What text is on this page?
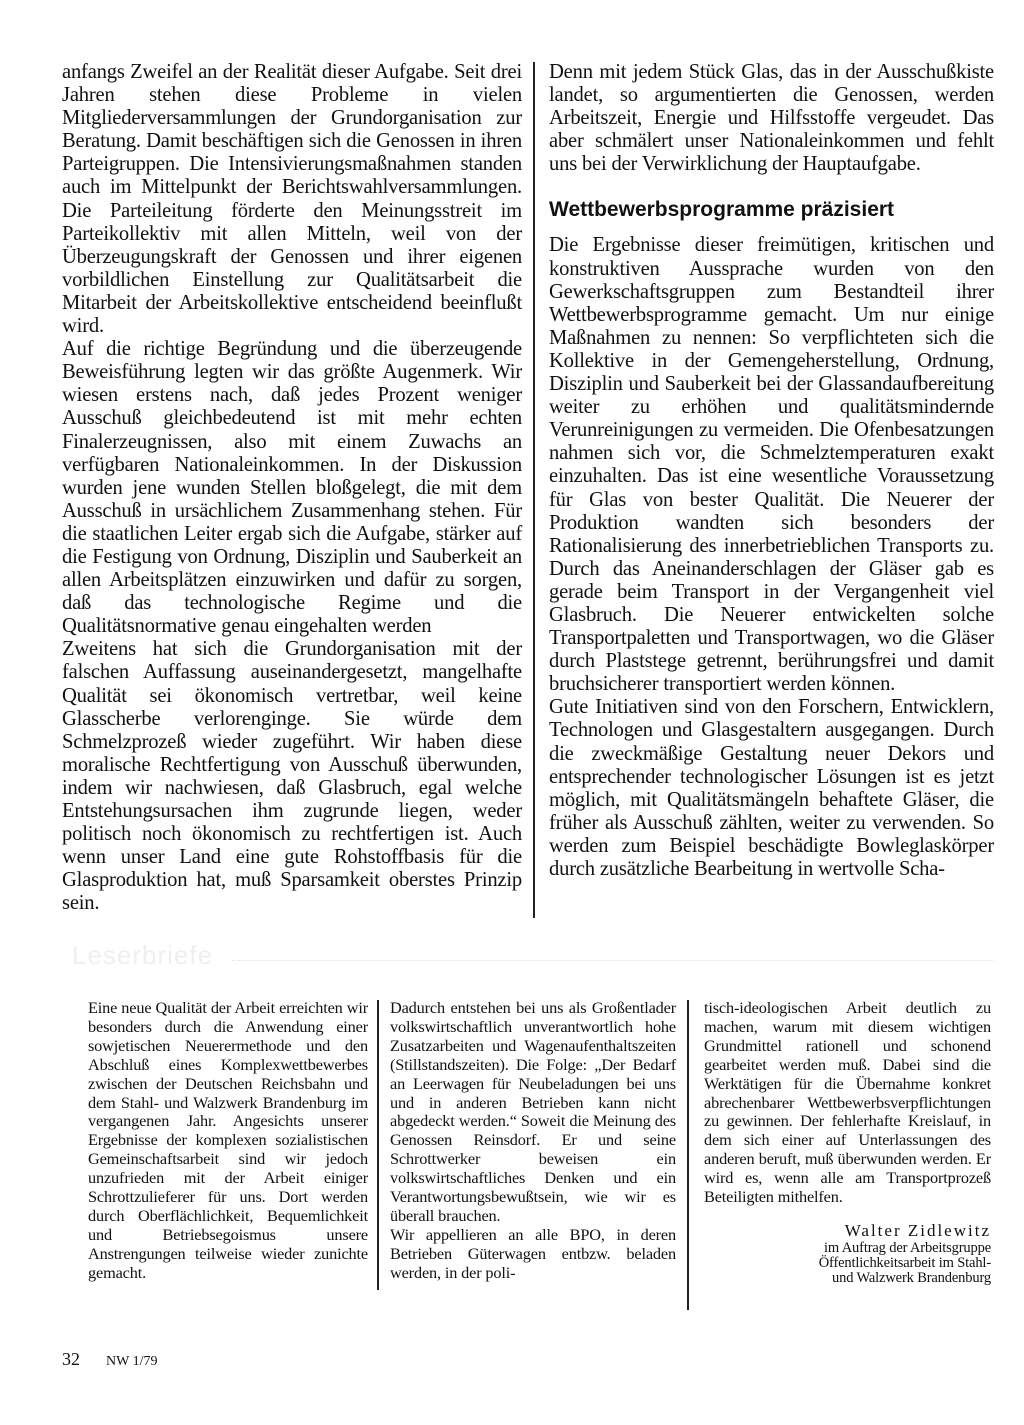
anfangs Zweifel an der Realität dieser Aufgabe. Seit drei Jahren stehen diese Probleme in vielen Mitgliederversammlungen der Grundorganisation zur Beratung. Damit beschäftigen sich die Genossen in ihren Parteigruppen. Die Intensivierungsmaßnahmen standen auch im Mittelpunkt der Berichtswahlversammlungen. Die Parteileitung förderte den Meinungsstreit im Parteikollektiv mit allen Mitteln, weil von der Überzeugungskraft der Genossen und ihrer eigenen vorbildlichen Einstellung zur Qualitätsarbeit die Mitarbeit der Arbeitskollektive entscheidend beeinflußt wird.

Auf die richtige Begründung und die überzeugende Beweisführung legten wir das größte Augenmerk. Wir wiesen erstens nach, daß jedes Prozent weniger Ausschuß gleichbedeutend ist mit mehr echten Finalerzeugnissen, also mit einem Zuwachs an verfügbaren Nationaleinkommen. In der Diskussion wurden jene wunden Stellen bloßgelegt, die mit dem Ausschuß in ursächlichem Zusammenhang stehen. Für die staatlichen Leiter ergab sich die Aufgabe, stärker auf die Festigung von Ordnung, Disziplin und Sauberkeit an allen Arbeitsplätzen einzuwirken und dafür zu sorgen, daß das technologische Regime und die Qualitätsnormative genau eingehalten werden

Zweitens hat sich die Grundorganisation mit der falschen Auffassung auseinandergesetzt, mangelhafte Qualität sei ökonomisch vertretbar, weil keine Glasscherbe verlorenginge. Sie würde dem Schmelzprozeß wieder zugeführt. Wir haben diese moralische Rechtfertigung von Ausschuß überwunden, indem wir nachwiesen, daß Glasbruch, egal welche Entstehungsursachen ihm zugrunde liegen, weder politisch noch ökonomisch zu rechtfertigen ist. Auch wenn unser Land eine gute Rohstoffbasis für die Glasproduktion hat, muß Sparsamkeit oberstes Prinzip sein.

Denn mit jedem Stück Glas, das in der Ausschußkiste landet, so argumentierten die Genossen, werden Arbeitszeit, Energie und Hilfsstoffe vergeudet. Das aber schmälert unser Nationaleinkommen und fehlt uns bei der Verwirklichung der Hauptaufgabe.

Wettbewerbsprogramme präzisiert

Die Ergebnisse dieser freimütigen, kritischen und konstruktiven Aussprache wurden von den Gewerkschaftsgruppen zum Bestandteil ihrer Wettbewerbsprogramme gemacht. Um nur einige Maßnahmen zu nennen: So verpflichteten sich die Kollektive in der Gemengeherstellung, Ordnung, Disziplin und Sauberkeit bei der Glassandaufbereitung weiter zu erhöhen und qualitätsmindernde Verunreinigungen zu vermeiden. Die Ofenbesatzungen nahmen sich vor, die Schmelztemperaturen exakt einzuhalten. Das ist eine wesentliche Voraussetzung für Glas von bester Qualität. Die Neuerer der Produktion wandten sich besonders der Rationalisierung des innerbetrieblichen Transports zu. Durch das Aneinanderschlagen der Gläser gab es gerade beim Transport in der Vergangenheit viel Glasbruch. Die Neuerer entwickelten solche Transportpaletten und Transportwagen, wo die Gläser durch Plaststege getrennt, berührungsfrei und damit bruchsicherer transportiert werden können.

Gute Initiativen sind von den Forschern, Entwicklern, Technologen und Glasgestaltern ausgegangen. Durch die zweckmäßige Gestaltung neuer Dekors und entsprechender technologischer Lösungen ist es jetzt möglich, mit Qualitätsmängeln behaftete Gläser, die früher als Ausschuß zählten, weiter zu verwenden. So werden zum Beispiel beschädigte Bowleglaskörper durch zusätzliche Bearbeitung in wertvolle Scha-

Leserbriefe

Eine neue Qualität der Arbeit erreichten wir besonders durch die Anwendung einer sowjetischen Neuerermethode und den Abschluß eines Komplexwettbewerbes zwischen der Deutschen Reichsbahn und dem Stahl- und Walzwerk Brandenburg im vergangenen Jahr. Angesichts unserer Ergebnisse der komplexen sozialistischen Gemeinschaftsarbeit sind wir jedoch unzufrieden mit der Arbeit einiger Schrottzulieferer für uns. Dort werden durch Oberflächlichkeit, Bequemlichkeit und Betriebsegoismus unsere Anstrengungen teilweise wieder zunichte gemacht.

Dadurch entstehen bei uns als Großentlader volkswirtschaftlich unverantwortlich hohe Zusatzarbeiten und Wagenaufenthaltszeiten (Stillstandszeiten). Die Folge: „Der Bedarf an Leerwagen für Neubeladungen bei uns und in anderen Betrieben kann nicht abgedeckt werden.“ Soweit die Meinung des Genossen Reinsdorf. Er und seine Schrottwerker beweisen ein volkswirtschaftliches Denken und ein Verantwortungsbewußtsein, wie wir es überall brauchen.

Wir appellieren an alle BPO, in deren Betrieben Güterwagen entbzw. beladen werden, in der poli-

tisch-ideologischen Arbeit deutlich zu machen, warum mit diesem wichtigen Grundmittel rationell und schonend gearbeitet werden muß. Dabei sind die Werktätigen für die Übernahme konkret abrechenbarer Wettbewerbsverpflichtungen zu gewinnen. Der fehlerhafte Kreislauf, in dem sich einer auf Unterlassungen des anderen beruft, muß überwunden werden. Er wird es, wenn alle am Transportprozeß Beteiligten mithelfen.

Walter Zidlewitz
im Auftrag der Arbeitsgruppe
Öffentlichkeitsarbeit im Stahl-
und Walzwerk Brandenburg
32 NW 1/79
